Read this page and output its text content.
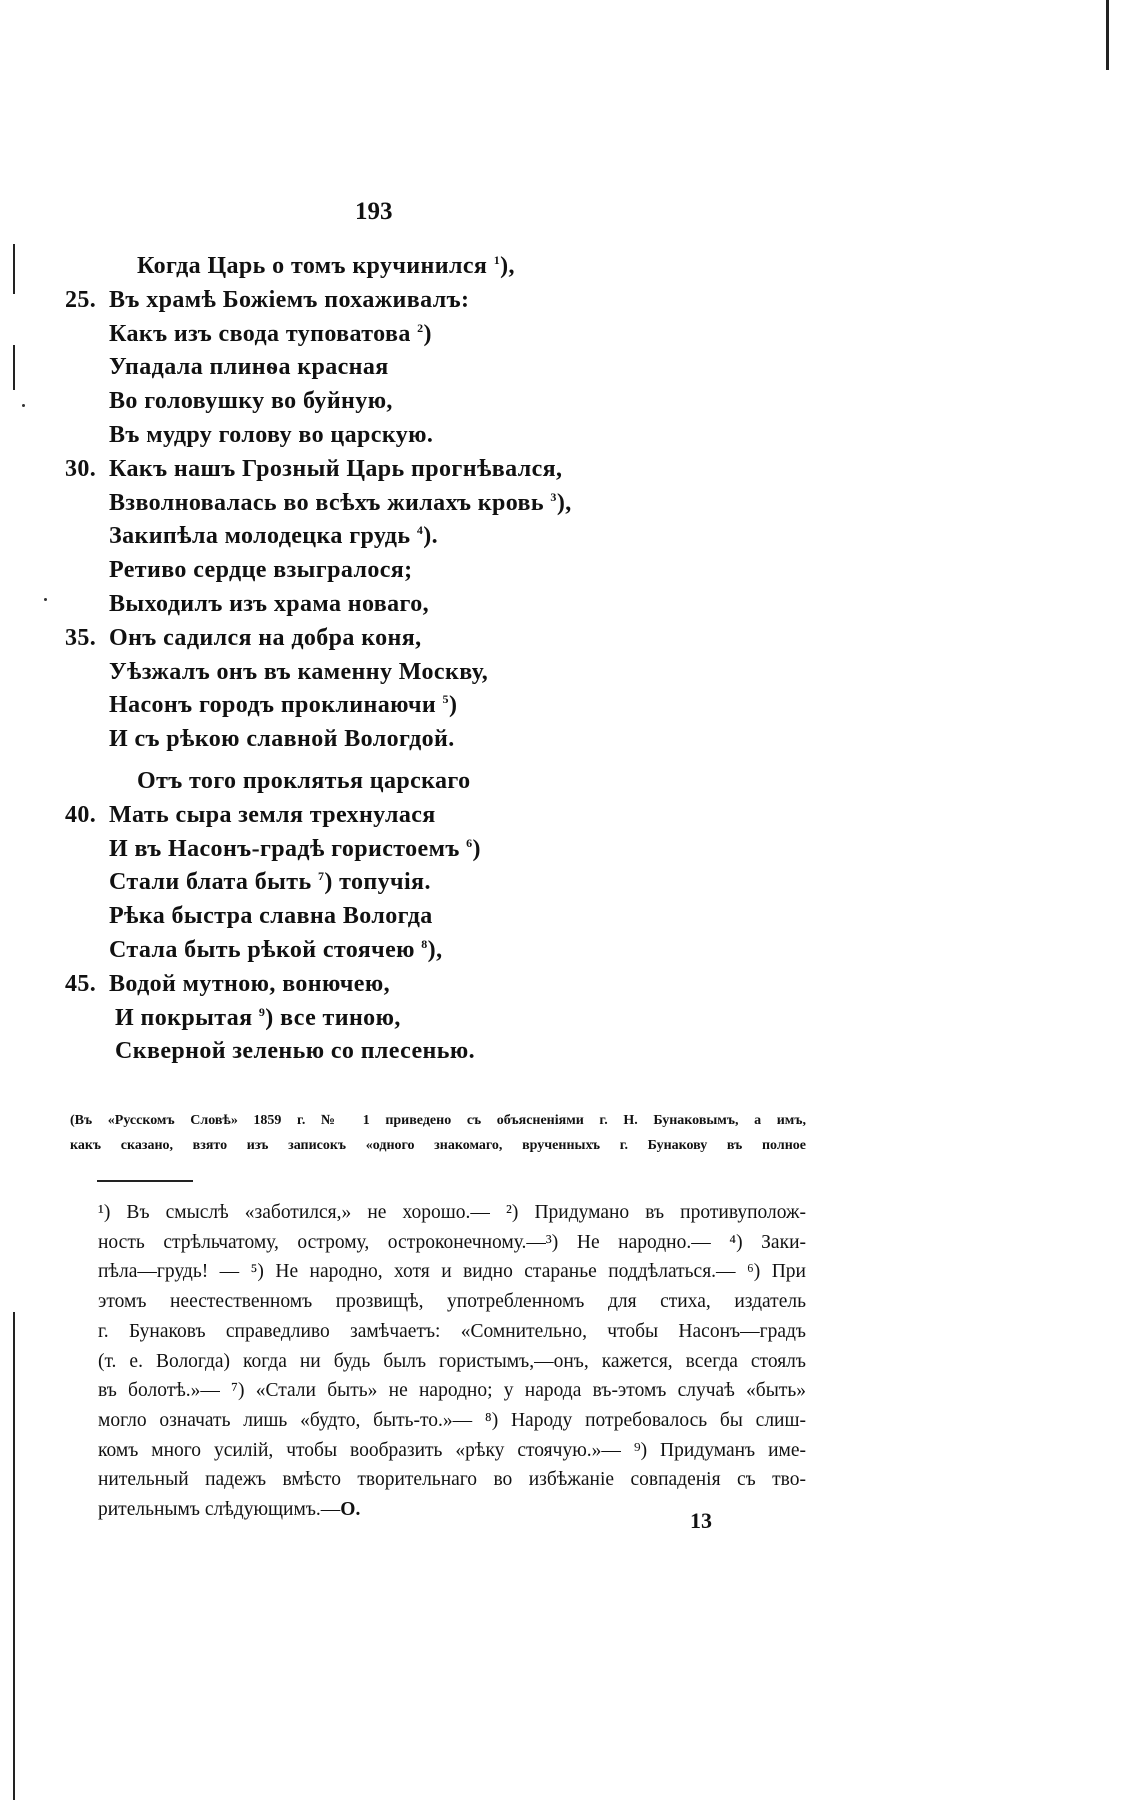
193
Когда Царь о томъ кручинился $^1$),
25. Въ храмѣ Божіемъ похаживалъ:
Какъ изъ свода туповатова $^2$)
Упадала плинѳа красная
Во головушку во буйную,
Въ мудру голову во царскую.
30. Какъ нашъ Грозный Царь прогнѣвался,
Взволновалась во всѣхъ жилахъ кровь $^3$),
Закипѣла молодецка грудь $^4$).
Ретиво сердце взыгралося;
Выходилъ изъ храма новаго,
35. Онъ садился на добра коня,
Уѣзжалъ онъ въ каменну Москву,
Насонъ городъ проклинаючи $^5$)
И съ рѣкою славной Вологдой.
Отъ того проклятья царскаго
40. Мать сыра земля трехнулася
И въ Насонъ-градѣ гористоемъ $^6$)
Стали блата быть $^7$) топучія.
Рѣка быстра славна Вологда
Стала быть рѣкой стоячею $^8$),
45. Водой мутною, вонючею,
И покрытая $^9$) все тиною,
Скверной зеленью со плесенью.
(Въ «Русскомъ Словѣ» 1859 г. № 1 приведено съ объясненіями г. Н. Бунаковымъ, а имъ,
какъ сказано, взято изъ записокъ «одного знакомаго, врученныхъ г. Бунакову въ полное
¹) Въ смыслѣ «заботился,» не хорошо.— ²) Придумано въ противуполож-
ность стрѣльчатому, острому, остроконечному.—³) Не народно.— ⁴) Заки-
пѣла—грудь! — ⁵) Не народно, хотя и видно старанье поддѣлаться.— ⁶) При
этомъ неестественномъ прозвищѣ, употребленномъ для стиха, издатель
г. Бунаковъ справедливо замѣчаетъ: «Сомнительно, чтобы Насонъ—градъ
(т. е. Вологда) когда ни будь былъ гористымъ,—онъ, кажется, всегда стоялъ
въ болотѣ.»— ⁷) «Стали быть» не народно; у народа въ-этомъ случаѣ «быть»
могло означать лишь «будто, быть-то.»— ⁸) Народу потребовалось бы слиш-
комъ много усилій, чтобы вообразить «рѣку стоячую.»— ⁹) Придуманъ име-
нительный падежъ вмѣсто творительнаго во избѣжаніе совпаденія съ тво-
рительнымъ слѣдующимъ.—О.	13
